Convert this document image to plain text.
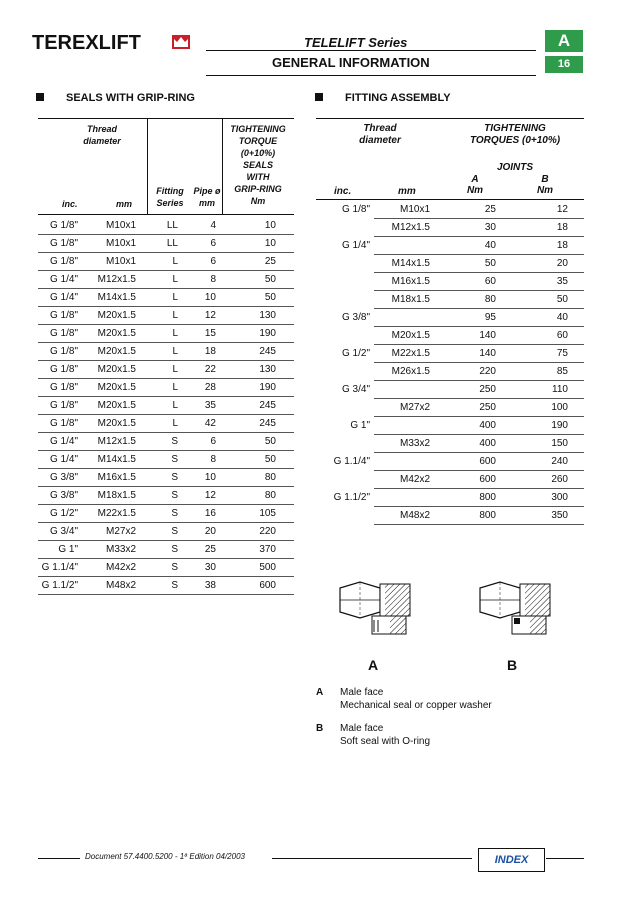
TEREXLIFT	TELELIFT Series
GENERAL INFORMATION
A
16
SEALS WITH GRIP-RING
Thread
diameter
TIGHTENING
TORQUE
(0+10%)
SEALS
WITH
GRIP-RING
Nm
Fitting
Series
Pipe ø
mm
inc.	mm
G 1/8"	M10x1	LL	4	10
G 1/8"	M10x1	LL	6	10
G 1/8"	M10x1	L	6	25
G 1/4"	M12x1.5	L	8	50
G 1/4"	M14x1.5	L	10	50
G 1/8"	M20x1.5	L	12	130
G 1/8"	M20x1.5	L	15	190
G 1/8"	M20x1.5	L	18	245
G 1/8"	M20x1.5	L	22	130
G 1/8"	M20x1.5	L	28	190
G 1/8"	M20x1.5	L	35	245
G 1/8"	M20x1.5	L	42	245
G 1/4"	M12x1.5	S	6	50
G 1/4"	M14x1.5	S	8	50
G 3/8"	M16x1.5	S	10	80
G 3/8"	M18x1.5	S	12	80
G 1/2"	M22x1.5	S	16	105
G 3/4"	M27x2	S	20	220
G 1"	M33x2	S	25	370
G 1.1/4"	M42x2	S	30	500
G 1.1/2"	M48x2	S	38	600
FITTING ASSEMBLY
Thread
diameter
TIGHTENING
TORQUES (0+10%)
JOINTS
A
Nm
B
Nm
inc.	mm
G 1/8"	M10x1	25	12
	M12x1.5	30	18
G 1/4"		40	18
	M14x1.5	50	20
	M16x1.5	60	35
	M18x1.5	80	50
G 3/8"		95	40
	M20x1.5	140	60
G 1/2"	M22x1.5	140	75
	M26x1.5	220	85
G 3/4"		250	110
	M27x2	250	100
G 1"		400	190
	M33x2	400	150
G 1.1/4"		600	240
	M42x2	600	260
G 1.1/2"		800	300
	M48x2	800	350
A	B
A Male face
Mechanical seal or copper washer
B Male face
Soft seal with O-ring
Document 57.4400.5200 - 1ª Edition 04/2003	INDEX
